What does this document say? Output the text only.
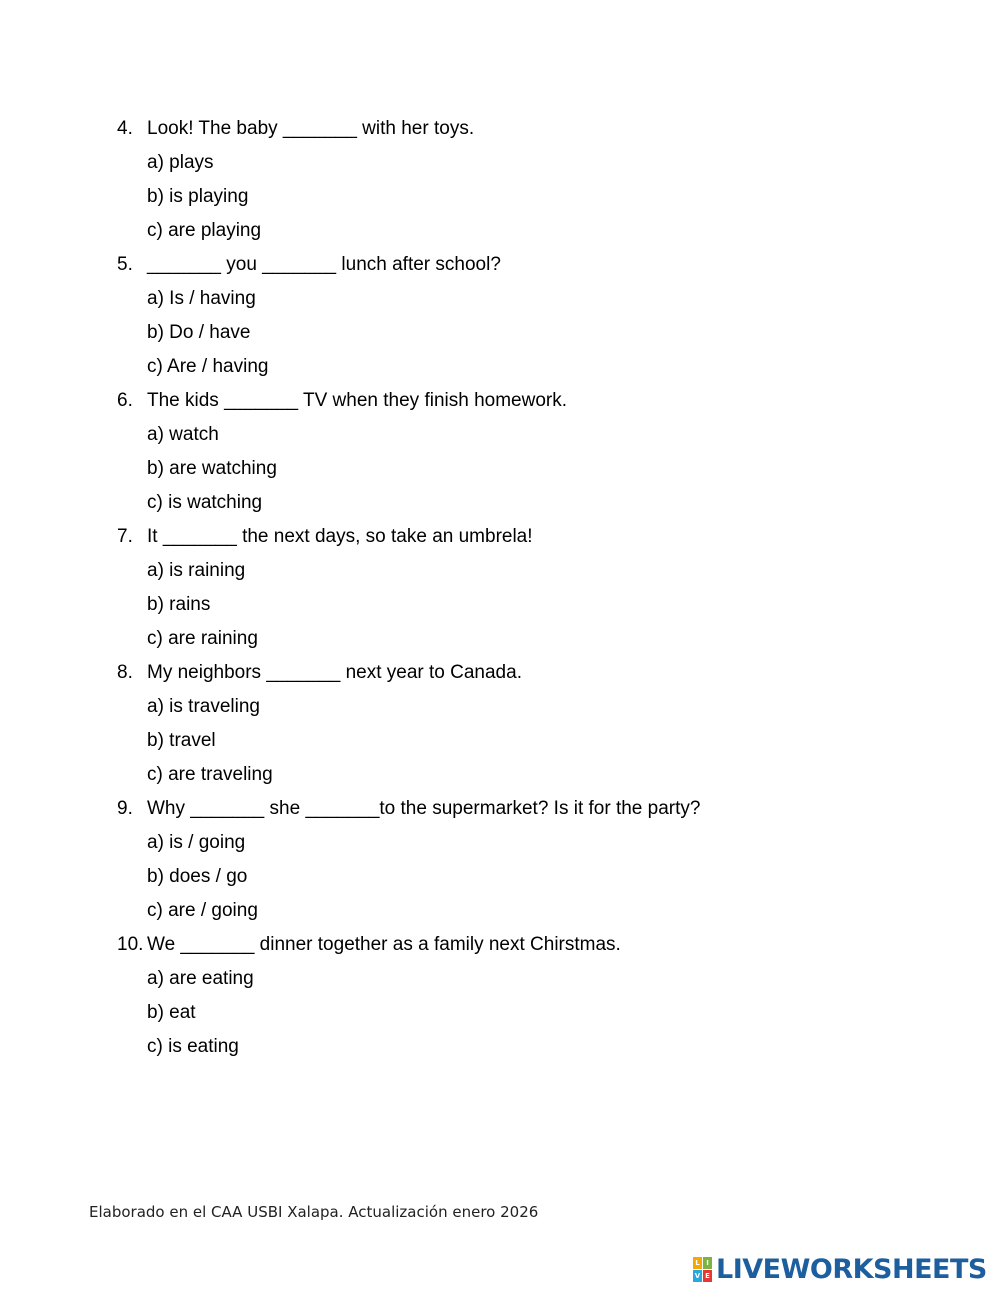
4. Look! The baby _______ with her toys.
a) plays
b) is playing
c) are playing
5. _______ you _______ lunch after school?
a) Is / having
b) Do / have
c) Are / having
6. The kids _______ TV when they finish homework.
a) watch
b) are watching
c) is watching
7. It _______ the next days, so take an umbrela!
a) is raining
b) rains
c) are raining
8. My neighbors _______ next year to Canada.
a) is traveling
b) travel
c) are traveling
9. Why _______ she _______to the supermarket? Is it for the party?
a) is / going
b) does / go
c) are / going
10. We _______ dinner together as a family next Chirstmas.
a) are eating
b) eat
c) is eating
Elaborado en el CAA USBI Xalapa. Actualización enero 2026
L I
V E LIVEWORKSHEETS
